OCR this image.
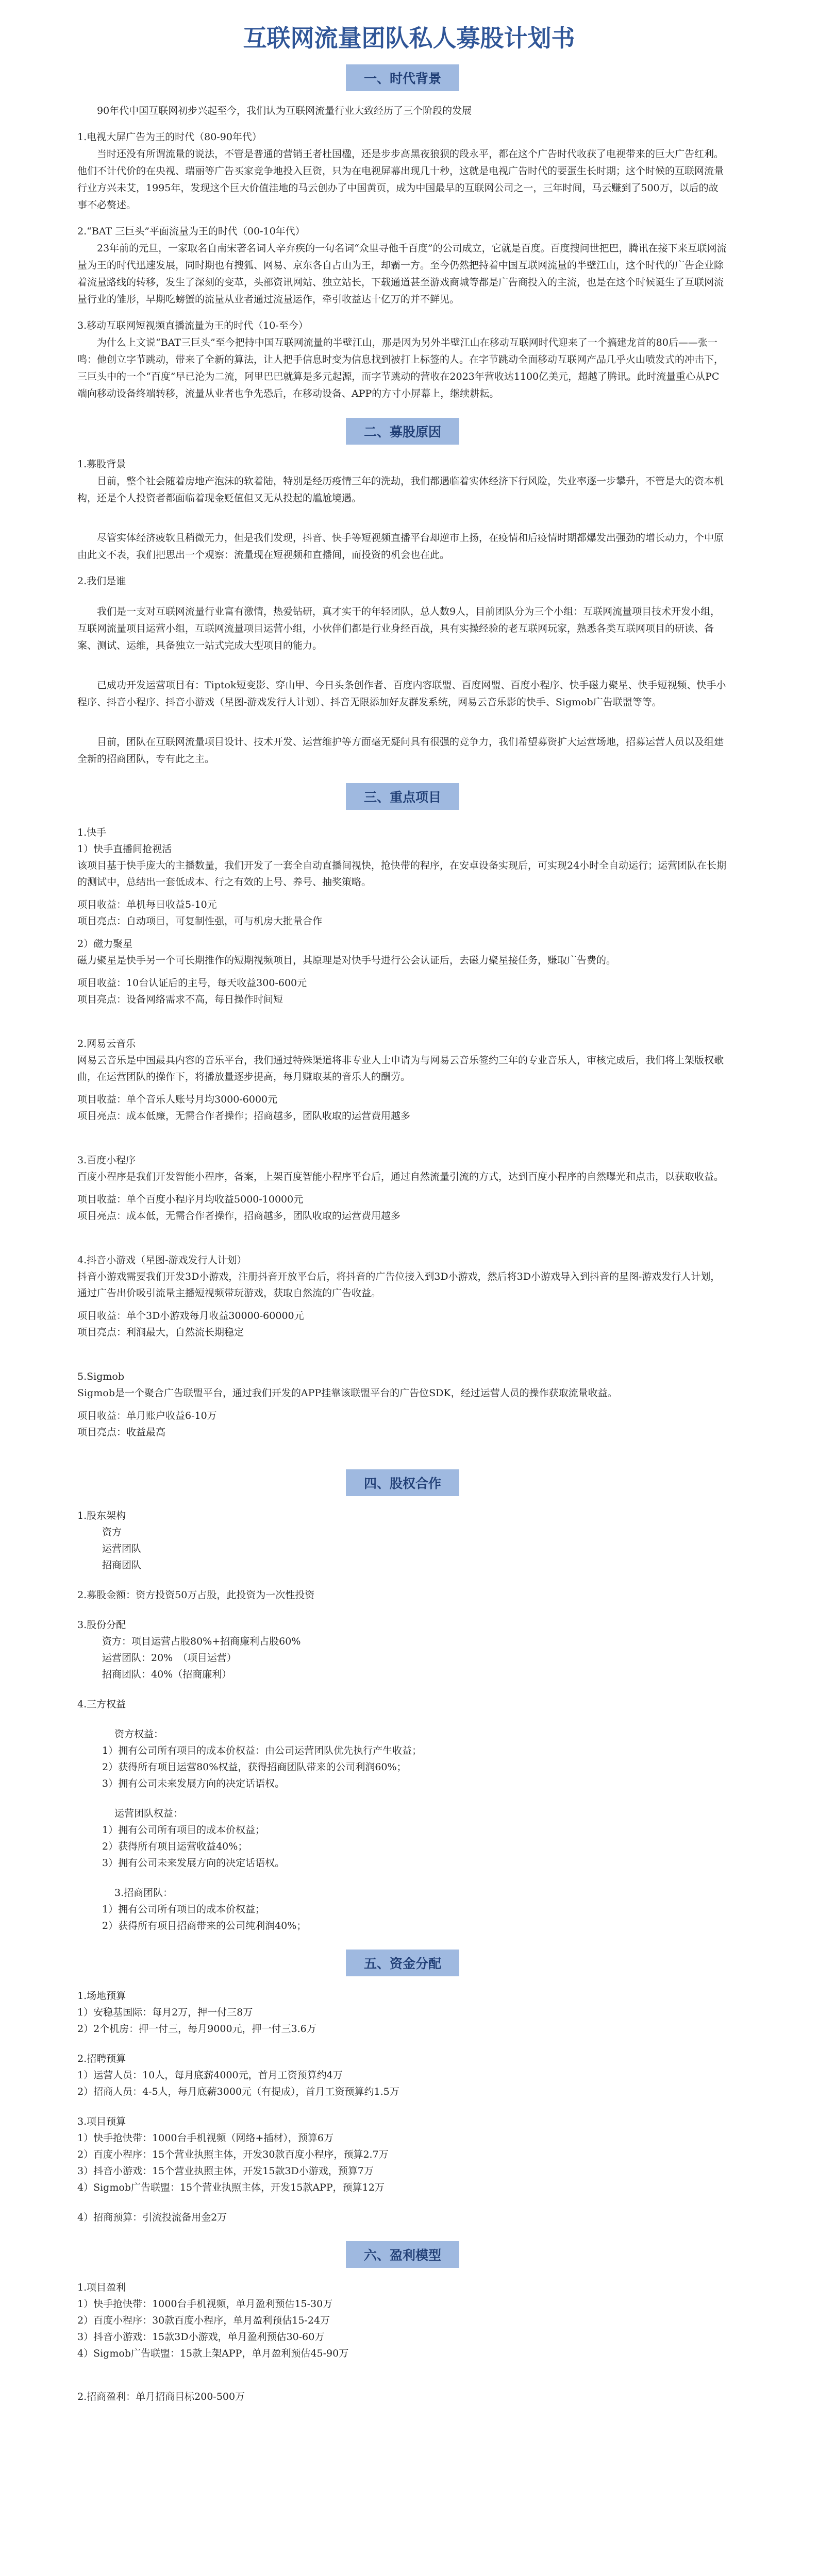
互联网流量团队私人募股计划书
一、时代背景

90年代中国互联网初步兴起至今，我们认为互联网流量行业大致经历了三个阶段的发展

1.电视大屏广告为王的时代（80-90年代）

当时还没有所谓流量的说法，不管是普通的营销王者杜国楹，还是步步高黑夜狼狈的段永平，都在这个广告时代收获了电视带来的巨大广告红利。他们不计代价的在央视、瑞丽等广告买家竞争地投入巨资，只为在电视屏幕出现几十秒，这就是电视广告时代的要蛋生长时期；这个时候的互联网流量行业方兴未艾，1995年，发现这个巨大价值洼地的马云创办了中国黄页，成为中国最早的互联网公司之一，三年时间，马云赚到了500万，以后的故事不必赘述。

2.“BAT 三巨头”平面流量为王的时代（00-10年代）

23年前的元旦，一家取名自南宋著名词人辛弃疾的一句名词“众里寻他千百度”的公司成立，它就是百度。百度搜问世把巴，腾讯在接下来互联网流量为王的时代迅速发展，同时期也有搜狐、网易、京东各自占山为王，却霸一方。至今仍然把持着中国互联网流量的半壁江山，这个时代的广告企业除着流量路线的转移，发生了深刻的变革，头部资讯网站、独立站长，下载通道甚至游戏商城等都是广告商投入的主流，也是在这个时候诞生了互联网流量行业的雏形，早期吃螃蟹的流量从业者通过流量运作，牵引收益达十亿万的并不鲜见。

3.移动互联网短视频直播流量为王的时代（10-至今）

为什么上文说“BAT三巨头”至今把持中国互联网流量的半壁江山，那是因为另外半壁江山在移动互联网时代迎来了一个搞建龙首的80后——张一鸣：他创立字节跳动，带来了全新的算法，让人把手信息时变为信息找到被打上标签的人。在字节跳动全面移动互联网产品几乎火山喷发式的冲击下，三巨头中的一个“百度”早已沦为二流，阿里巴巴就算是多元起源，而字节跳动的营收在2023年营收达1100亿美元，超越了腾讯。此时流量重心从PC端向移动设备终端转移，流量从业者也争先恐后，在移动设备、APP的方寸小屏幕上，继续耕耘。

二、募股原因

1.募股背景

目前，整个社会随着房地产泡沫的软着陆，特别是经历疫情三年的洗劫，我们都遇临着实体经济下行风险，失业率逐一步攀升，不管是大的资本机构，还是个人投资者都面临着现金贬值但又无从投起的尴尬境遇。

尽管实体经济疲软且稍微无力，但是我们发现，抖音、快手等短视频直播平台却逆市上扬，在疫情和后疫情时期都爆发出强劲的增长动力，个中原由此文不表，我们把思出一个观察：流量现在短视频和直播间，而投资的机会也在此。

2.我们是谁

我们是一支对互联网流量行业富有激情，热爱钻研，真才实干的年轻团队，总人数9人，目前团队分为三个小组：互联网流量项目技术开发小组，互联网流量项目运营小组，互联网流量项目运营小组，小伙伴们都是行业身经百战，具有实操经验的老互联网玩家，熟悉各类互联网项目的研读、备案、测试、运维，具备独立一站式完成大型项目的能力。

已成功开发运营项目有：Tiptok短变影、穿山甲、今日头条创作者、百度内容联盟、百度网盟、百度小程序、快手磁力聚星、快手短视频、快手小程序、抖音小程序、抖音小游戏（星图-游戏发行人计划）、抖音无限添加好友群发系统，网易云音乐影的快手、Sigmob广告联盟等等。

目前，团队在互联网流量项目设计、技术开发、运营维护等方面毫无疑问具有很强的竞争力，我们希望募资扩大运营场地，招募运营人员以及组建全新的招商团队，专有此之主。

三、重点项目
1.快手
1）快手直播间抢视活
该项目基于快手庞大的主播数量，我们开发了一套全自动直播间视快，抢快带的程序，在安卓设备实现后，可实现24小时全自动运行；运营团队在长期的测试中，总结出一套低成本、行之有效的上号、养号、抽奖策略。
项目收益：单机每日收益5-10元
项目亮点：自动项目，可复制性强，可与机房大批量合作
2）磁力聚星
磁力聚星是快手另一个可长期推作的短期视频项目，其原理是对快手号进行公会认证后，去磁力聚星接任务，赚取广告费的。
项目收益：10台认证后的主号，每天收益300-600元
项目亮点：设备网络需求不高，每日操作时间短
2.网易云音乐
网易云音乐是中国最具内容的音乐平台，我们通过特殊渠道将非专业人士申请为与网易云音乐签约三年的专业音乐人，审核完成后，我们将上架版权歌曲，在运营团队的操作下，将播放量逐步提高，每月赚取某的音乐人的酬劳。
项目收益：单个音乐人账号月均3000-6000元
项目亮点：成本低廉，无需合作者操作；招商越多，团队收取的运营费用越多
3.百度小程序
百度小程序是我们开发智能小程序，备案，上架百度智能小程序平台后，通过自然流量引流的方式，达到百度小程序的自然曝光和点击，以获取收益。
项目收益：单个百度小程序月均收益5000-10000元
项目亮点：成本低，无需合作者操作，招商越多，团队收取的运营费用越多
4.抖音小游戏（星图-游戏发行人计划）
抖音小游戏需要我们开发3D小游戏，注册抖音开放平台后，将抖音的广告位接入到3D小游戏，然后将3D小游戏导入到抖音的星图-游戏发行人计划，通过广告出价吸引流量主播短视频带玩游戏，获取自然流的广告收益。
项目收益：单个3D小游戏每月收益30000-60000元
项目亮点：利润最大，自然流长期稳定
5.Sigmob
Sigmob是一个聚合广告联盟平台，通过我们开发的APP挂靠该联盟平台的广告位SDK，经过运营人员的操作获取流量收益。
项目收益：单月账户收益6-10万
项目亮点：收益最高
四、股权合作
1.股东架构
资方
运营团队
招商团队
2.募股金额：资方投资50万占股，此投资为一次性投资
3.股份分配
资方：项目运营占股80%+招商廉利占股60%
运营团队：20%　（项目运营）
招商团队：40%（招商廉利）
4.三方权益
资方权益：
1）拥有公司所有项目的成本价权益：由公司运营团队优先执行产生收益；
2）获得所有项目运营80%权益，获得招商团队带来的公司利润60%；
3）拥有公司未来发展方向的决定话语权。
运营团队权益：
1）拥有公司所有项目的成本价权益；
2）获得所有项目运营收益40%；
3）拥有公司未来发展方向的决定话语权。
3.招商团队：
1）拥有公司所有项目的成本价权益；
2）获得所有项目招商带来的公司纯利润40%；
五、资金分配
1.场地预算
1）安稳基国际：每月2万，押一付三8万
2）2个机房：押一付三，每月9000元，押一付三3.6万
2.招聘预算
1）运营人员：10人，每月底薪4000元，首月工资预算约4万
2）招商人员：4-5人，每月底薪3000元（有提成），首月工资预算约1.5万
3.项目预算
1）快手抢快带：1000台手机视频（网络+插材），预算6万
2）百度小程序：15个营业执照主体，开发30款百度小程序，预算2.7万
3）抖音小游戏：15个营业执照主体，开发15款3D小游戏，预算7万
4）Sigmob广告联盟：15个营业执照主体，开发15款APP，预算12万
4）招商预算：引流投流备用金2万
六、盈利模型
1.项目盈利
1）快手抢快带：1000台手机视频，单月盈利预估15-30万
2）百度小程序：30款百度小程序，单月盈利预估15-24万
3）抖音小游戏：15款3D小游戏，单月盈利预估30-60万
4）Sigmob广告联盟：15款上架APP，单月盈利预估45-90万
2.招商盈利：单月招商目标200-500万
